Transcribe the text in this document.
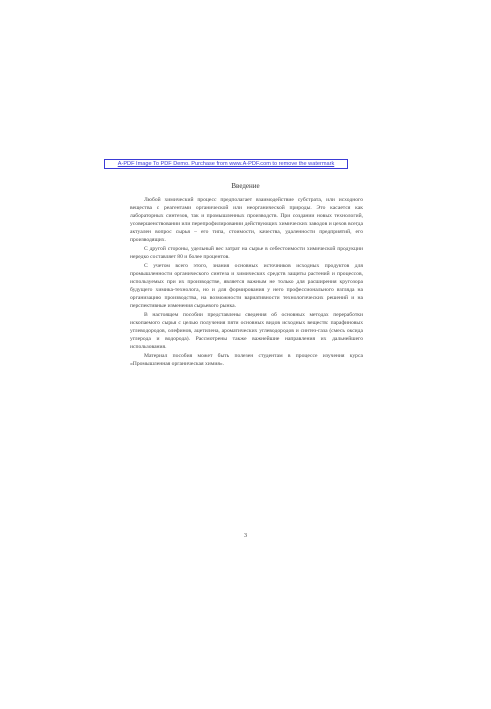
A-PDF Image To PDF Demo. Purchase from www.A-PDF.com to remove the watermark
Введение

Любой химический процесс предполагает взаимодействие субстрата, или исходного вещества с реагентами органической или неорганической природы. Это касается как лабораторных синтезов, так и промышленных производств. При создании новых технологий, усовершенствовании или перепрофилировании действующих химических заводов и цехов всегда актуален вопрос сырья – его типа, стоимости, качества, удаленности предприятий, его производящих.

С другой стороны, удельный вес затрат на сырье в себестоимости химической продукции нередко составляет 80 и более процентов.

С учетом всего этого, знания основных источников исходных продуктов для промышленности органического синтеза и химических средств защиты растений и процессов, используемых при их производстве, является важным не только для расширения кругозора будущего химика-технолога, но и для формирования у него профессионального взгляда на организацию производства, на возможности вариативности технологических решений и на перспективные изменения сырьевого рынка.

В настоящем пособии представлены сведения об основных методах переработки ископаемого сырья с целью получения пяти основных видов исходных веществ: парафиновых углеводородов, олефинов, ацетилена, ароматических углеводородов и синтез-газа (смесь оксида углерода и водорода). Рассмотрены также важнейшие направления их дальнейшего использования.

Материал пособия может быть полезен студентам в процессе изучения курса «Промышленная органическая химия».

3
